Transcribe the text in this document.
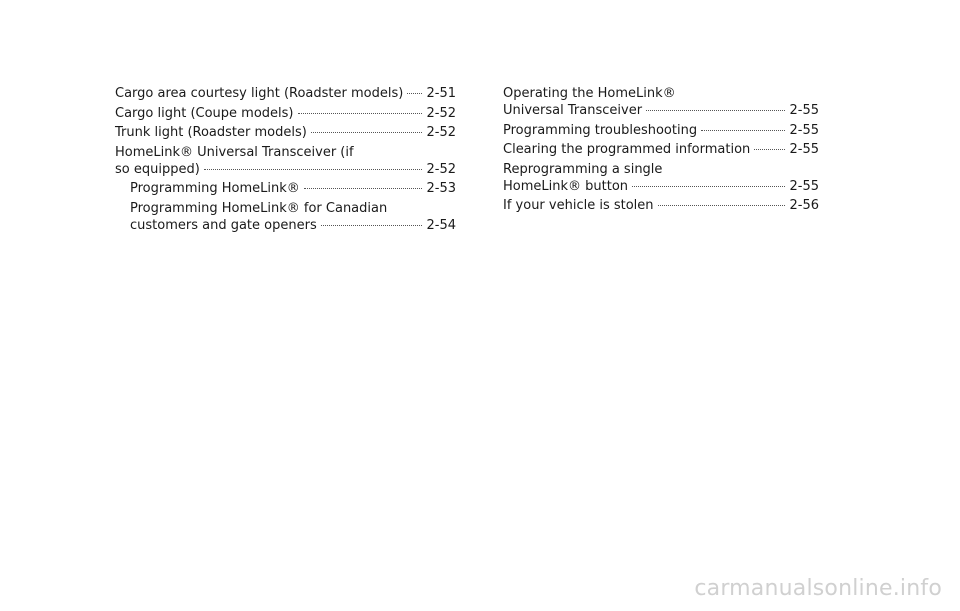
Cargo area courtesy light (Roadster models) 2-51
Cargo light (Coupe models)	2-52
Trunk light (Roadster models)	2-52
HomeLink® Universal Transceiver (if
so equipped)	2-52
Programming HomeLink®	2-53
Programming HomeLink® for Canadian
customers and gate openers	2-54
Operating the HomeLink®
Universal Transceiver	2-55
Programming troubleshooting	2-55
Clearing the programmed information	2-55
Reprogramming a single
HomeLink® button	2-55
If your vehicle is stolen	2-56
carmanualsonline.info
